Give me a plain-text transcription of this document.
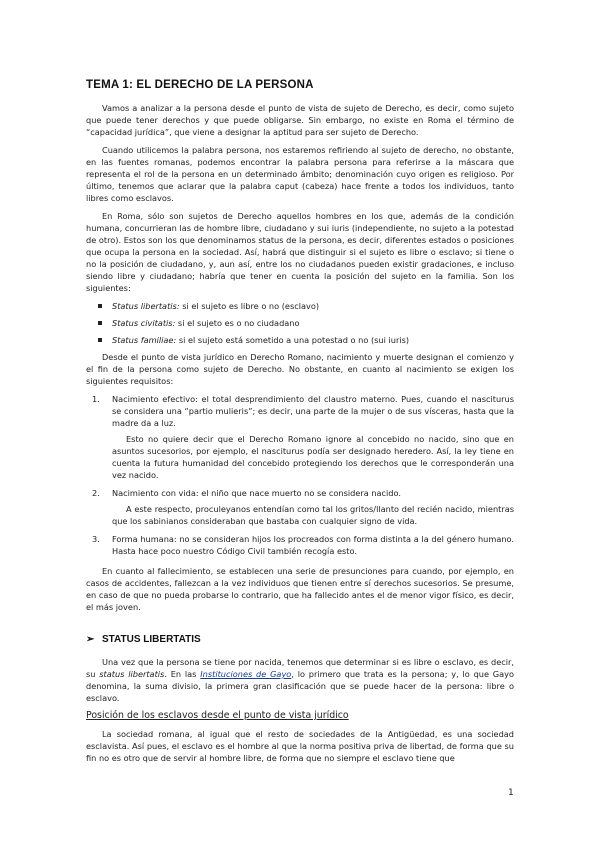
TEMA 1: EL DERECHO DE LA PERSONA

Vamos a analizar a la persona desde el punto de vista de sujeto de Derecho, es decir, como sujeto que puede tener derechos y que puede obligarse. Sin embargo, no existe en Roma el término de “capacidad jurídica”, que viene a designar la aptitud para ser sujeto de Derecho.

Cuando utilicemos la palabra persona, nos estaremos refiriendo al sujeto de derecho, no obstante, en las fuentes romanas, podemos encontrar la palabra persona para referirse a la máscara que representa el rol de la persona en un determinado ámbito; denominación cuyo origen es religioso. Por último, tenemos que aclarar que la palabra caput (cabeza) hace frente a todos los individuos, tanto libres como esclavos.

En Roma, sólo son sujetos de Derecho aquellos hombres en los que, además de la condición humana, concurrieran las de hombre libre, ciudadano y sui iuris (independiente, no sujeto a la potestad de otro). Estos son los que denominamos status de la persona, es decir, diferentes estados o posiciones que ocupa la persona en la sociedad. Así, habrá que distinguir si el sujeto es libre o esclavo; si tiene o no la posición de ciudadano, y, aun así, entre los no ciudadanos pueden existir gradaciones, e incluso siendo libre y ciudadano; habría que tener en cuenta la posición del sujeto en la familia. Son los siguientes:

Status libertatis: si el sujeto es libre o no (esclavo)
Status civitatis: si el sujeto es o no ciudadano
Status familiae: si el sujeto está sometido a una potestad o no (sui iuris)

Desde el punto de vista jurídico en Derecho Romano, nacimiento y muerte designan el comienzo y el fin de la persona como sujeto de Derecho. No obstante, en cuanto al nacimiento se exigen los siguientes requisitos:

1. Nacimiento efectivo: el total desprendimiento del claustro materno. Pues, cuando el nasciturus se considera una “partio mulieris”; es decir, una parte de la mujer o de sus vísceras, hasta que la madre da a luz.

Esto no quiere decir que el Derecho Romano ignore al concebido no nacido, sino que en asuntos sucesorios, por ejemplo, el nasciturus podía ser designado heredero. Así, la ley tiene en cuenta la futura humanidad del concebido protegiendo los derechos que le corresponderán una vez nacido.

2. Nacimiento con vida: el niño que nace muerto no se considera nacido.

A este respecto, proculeyanos entendían como tal los gritos/llanto del recién nacido, mientras que los sabinianos consideraban que bastaba con cualquier signo de vida.

3. Forma humana: no se consideran hijos los procreados con forma distinta a la del género humano. Hasta hace poco nuestro Código Civil también recogía esto.

En cuanto al fallecimiento, se establecen una serie de presunciones para cuando, por ejemplo, en casos de accidentes, fallezcan a la vez individuos que tienen entre sí derechos sucesorios. Se presume, en caso de que no pueda probarse lo contrario, que ha fallecido antes el de menor vigor físico, es decir, el más joven.

➢ STATUS LIBERTATIS

Una vez que la persona se tiene por nacida, tenemos que determinar si es libre o esclavo, es decir, su status libertatis. En las Instituciones de Gayo, lo primero que trata es la persona; y, lo que Gayo denomina, la suma divisio, la primera gran clasificación que se puede hacer de la persona: libre o esclavo.

Posición de los esclavos desde el punto de vista jurídico

La sociedad romana, al igual que el resto de sociedades de la Antigüedad, es una sociedad esclavista. Así pues, el esclavo es el hombre al que la norma positiva priva de libertad, de forma que su fin no es otro que de servir al hombre libre, de forma que no siempre el esclavo tiene que

1
